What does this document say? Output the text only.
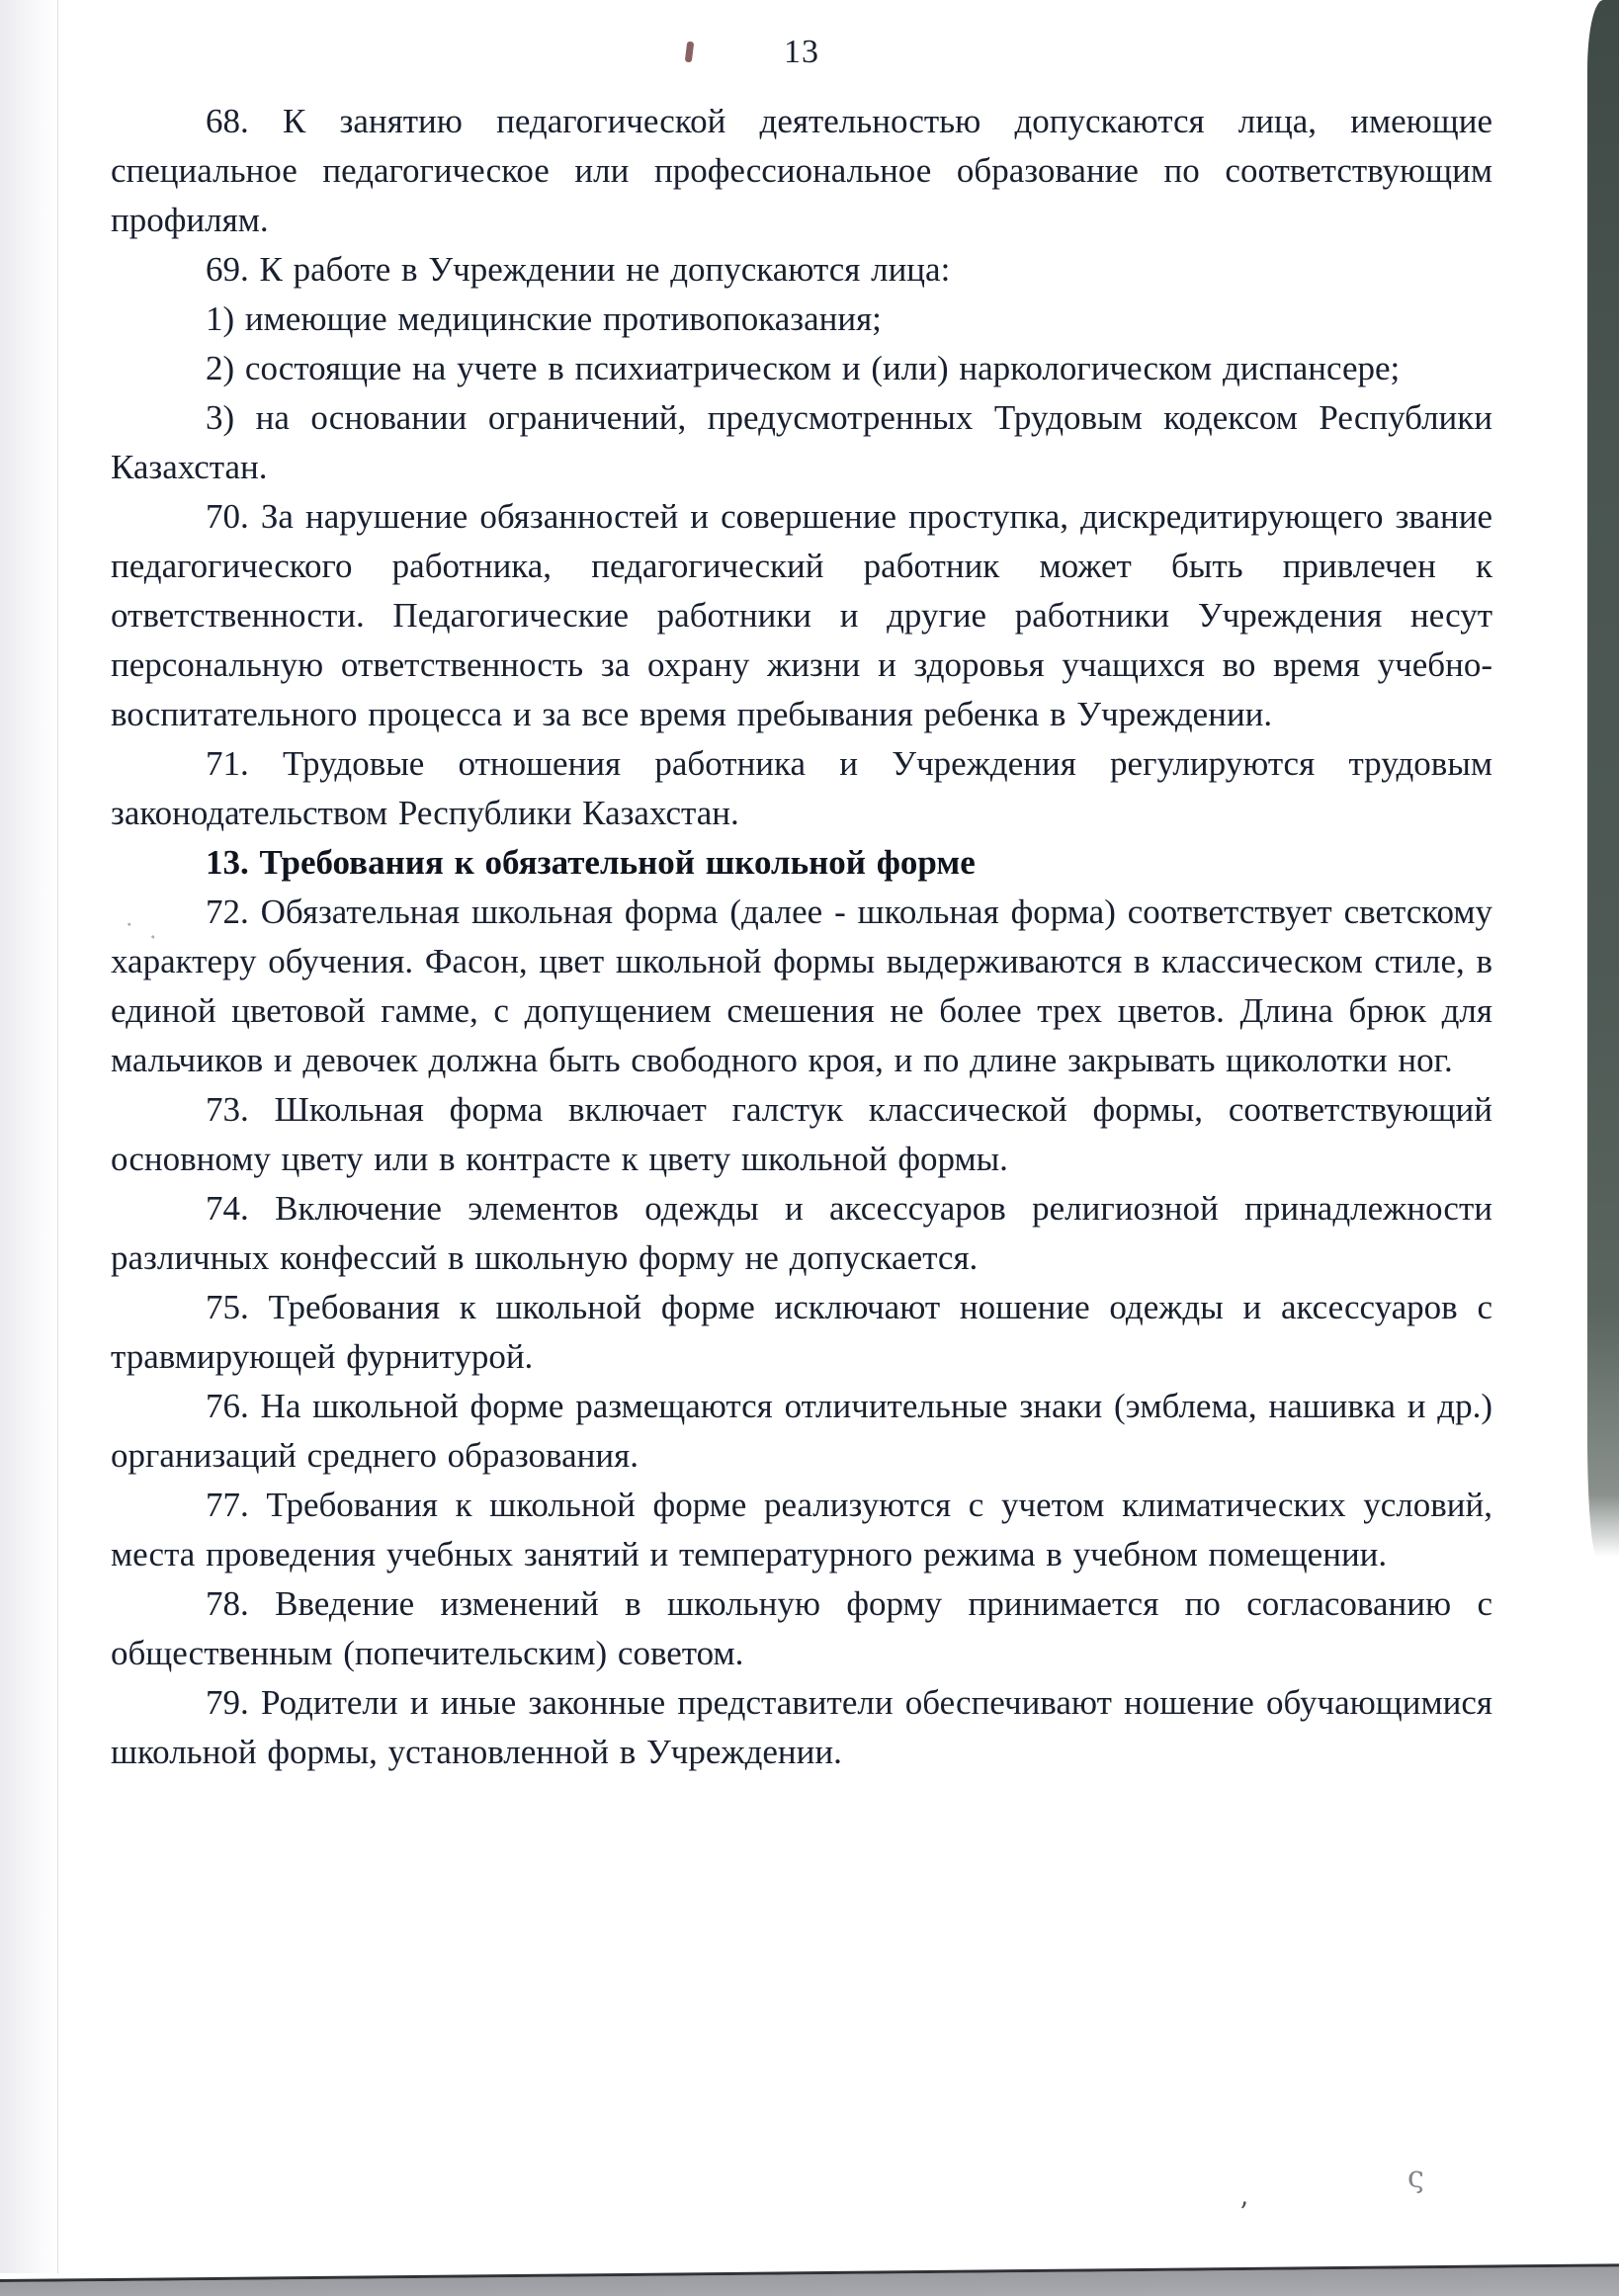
ς
’
· .
13

68. К занятию педагогической деятельностью допускаются лица, имеющие специальное педагогическое или профессиональное образование по соответствующим профилям.

69. К работе в Учреждении не допускаются лица:

1) имеющие медицинские противопоказания;

2) состоящие на учете в психиатрическом и (или) наркологическом диспансере;

3) на основании ограничений, предусмотренных Трудовым кодексом Республики Казахстан.

70. За нарушение обязанностей и совершение проступка, дискредитирующего звание педагогического работника, педагогический работник может быть привлечен к ответственности. Педагогические работники и другие работники Учреждения несут персональную ответственность за охрану жизни и здоровья учащихся во время учебно-воспитательного процесса и за все время пребывания ребенка в Учреждении.

71. Трудовые отношения работника и Учреждения регулируются трудовым законодательством Республики Казахстан.

13. Требования к обязательной школьной форме

72. Обязательная школьная форма (далее - школьная форма) соответствует светскому характеру обучения. Фасон, цвет школьной формы выдерживаются в классическом стиле, в единой цветовой гамме, с допущением смешения не более трех цветов. Длина брюк для мальчиков и девочек должна быть свободного кроя, и по длине закрывать щиколотки ног.

73. Школьная форма включает галстук классической формы, соответствующий основному цвету или в контрасте к цвету школьной формы.

74. Включение элементов одежды и аксессуаров религиозной принадлежности различных конфессий в школьную форму не допускается.

75. Требования к школьной форме исключают ношение одежды и аксессуаров с травмирующей фурнитурой.

76. На школьной форме размещаются отличительные знаки (эмблема, нашивка и др.) организаций среднего образования.

77. Требования к школьной форме реализуются с учетом климатических условий, места проведения учебных занятий и температурного режима в учебном помещении.

78. Введение изменений в школьную форму принимается по согласованию с общественным (попечительским) советом.

79. Родители и иные законные представители обеспечивают ношение обучающимися школьной формы, установленной в Учреждении.
